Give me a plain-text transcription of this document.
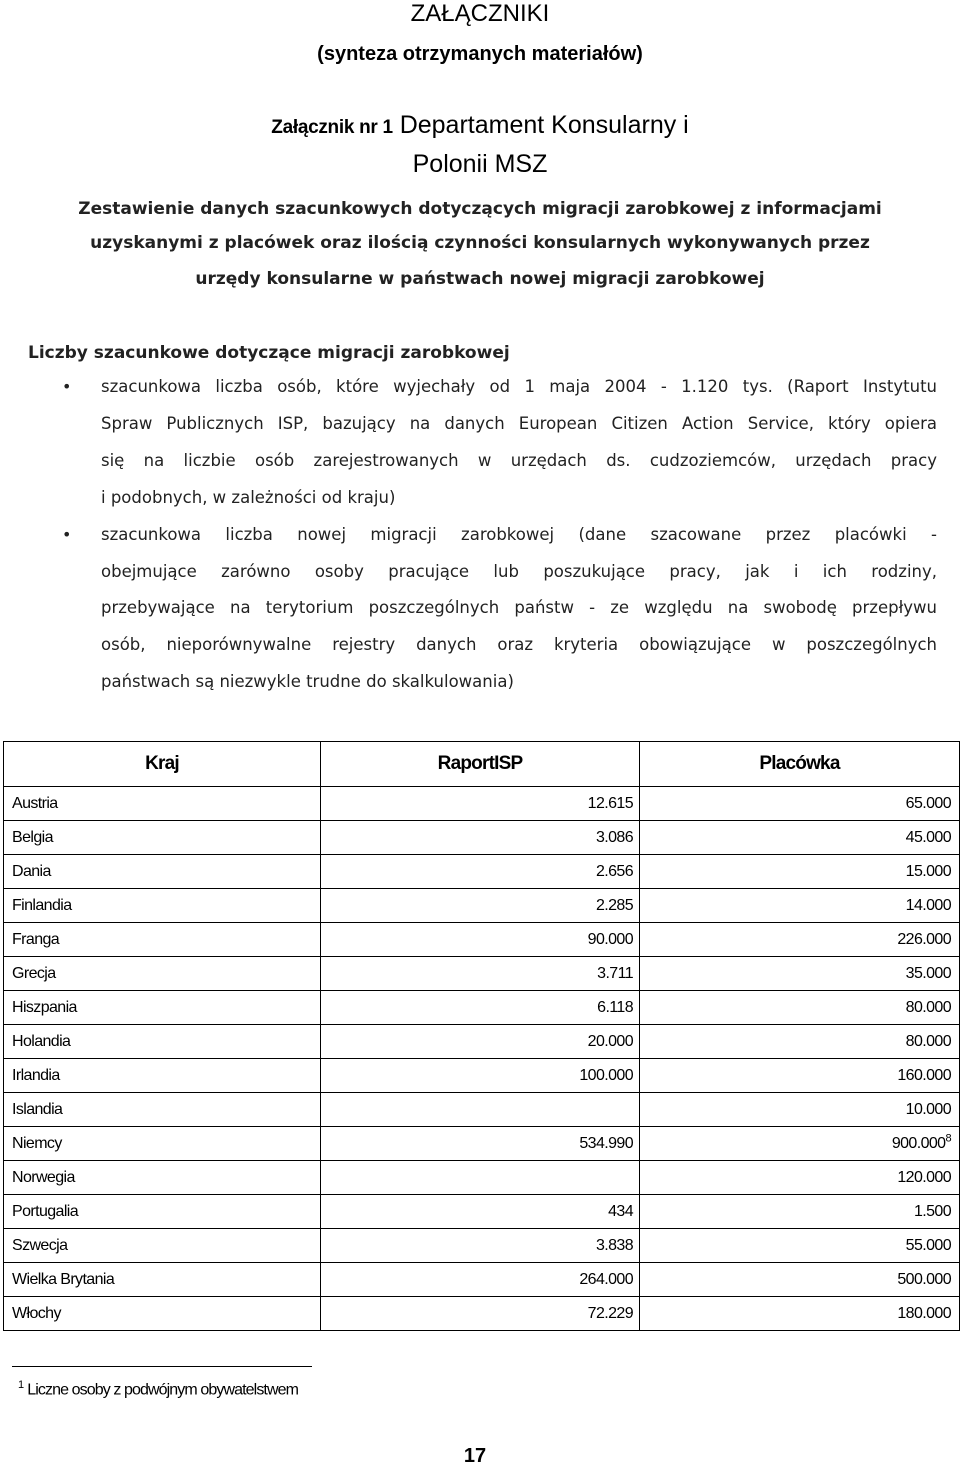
ZAŁĄCZNIKI
(synteza otrzymanych materiałów)
Załącznik nr 1 Departament Konsularny i
Polonii MSZ
Zestawienie danych szacunkowych dotyczących migracji zarobkowej z informacjami
uzyskanymi z placówek oraz ilością czynności konsularnych wykonywanych przez
urzędy konsularne w państwach nowej migracji zarobkowej
Liczby szacunkowe dotyczące migracji zarobkowej
• szacunkowa liczba osób, które wyjechały od 1 maja 2004 - 1.120 tys. (Raport Instytutu
Spraw Publicznych ISP, bazujący na danych European Citizen Action Service, który opiera
się na liczbie osób zarejestrowanych w urzędach ds. cudzoziemców, urzędach pracy
i podobnych, w zależności od kraju)
• szacunkowa liczba nowej migracji zarobkowej (dane szacowane przez placówki -
obejmujące zarówno osoby pracujące lub poszukujące pracy, jak i ich rodziny,
przebywające na terytorium poszczególnych państw - ze względu na swobodę przepływu
osób, nieporównywalne rejestry danych oraz kryteria obowiązujące w poszczególnych
państwach są niezwykle trudne do skalkulowania)
Kraj	RaportISP	Placówka
Austria	12.615	65.000
Belgia	3.086	45.000
Dania	2.656	15.000
Finlandia	2.285	14.000
Franga	90.000	226.000
Grecja	3.711	35.000
Hiszpania	6.118	80.000
Holandia	20.000	80.000
Irlandia	100.000	160.000
Islandia		10.000
Niemcy	534.990	900.000$^8$
Norwegia		120.000
Portugalia	434	1.500
Szwecja	3.838	55.000
Wielka Brytania	264.000	500.000
Włochy	72.229	180.000
$^1$ Liczne osoby z podwójnym obywatelstwem
17
